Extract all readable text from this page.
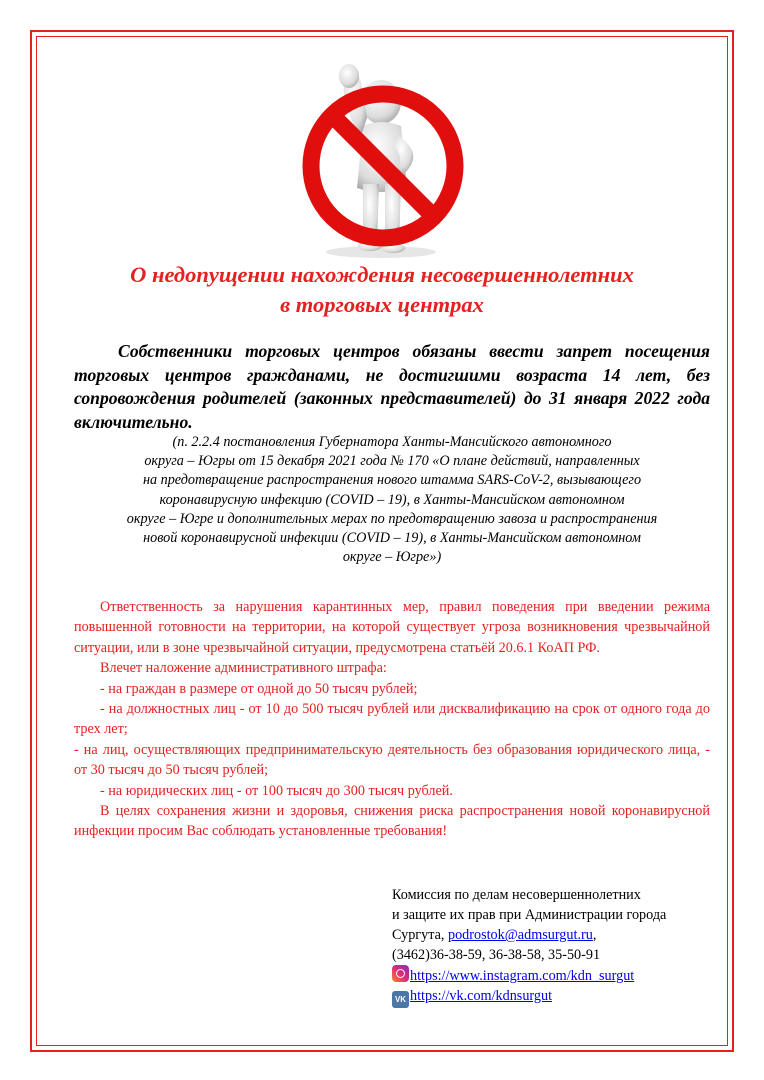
О недопущении нахождения несовершеннолетних
в торговых центрах

Собственники торговых центров обязаны ввести запрет посещения торговых центров гражданами, не достигшими возраста 14 лет, без сопровождения родителей (законных представителей) до 31 января 2022 года включительно.

(п. 2.2.4 постановления Губернатора Ханты-Мансийского автономного
округа – Югры от 15 декабря 2021 года № 170 «О плане действий, направленных
на предотвращение распространения нового штамма SARS-CoV-2, вызывающего
коронавирусную инфекцию (COVID – 19), в Ханты-Мансийском автономном
округе – Югре и дополнительных мерах по предотвращению завоза и распространения
новой коронавирусной инфекции (COVID – 19), в Ханты-Мансийском автономном
округе – Югре»)

Ответственность за нарушения карантинных мер, правил поведения при введении режима повышенной готовности на территории, на которой существует угроза возникновения чрезвычайной ситуации, или в зоне чрезвычайной ситуации, предусмотрена статьёй 20.6.1 КоАП РФ.

Влечет наложение административного штрафа:

- на граждан в размере от одной до 50 тысяч рублей;

- на должностных лиц - от 10 до 500 тысяч рублей или дисквалификацию на срок от одного года до трех лет;

- на лиц, осуществляющих предпринимательскую деятельность без образования юридического лица, - от 30 тысяч до 50 тысяч рублей;

- на юридических лиц - от 100 тысяч до 300 тысяч рублей.

В целях сохранения жизни и здоровья, снижения риска распространения новой коронавирусной инфекции просим Вас соблюдать установленные требования!

Комиссия по делам несовершеннолетних
и защите их прав при Администрации города
Сургута, podrostok@admsurgut.ru,
(3462)36-38-59, 36-38-58, 35-50-91
https://www.instagram.com/kdn_surgut
VK https://vk.com/kdnsurgut
